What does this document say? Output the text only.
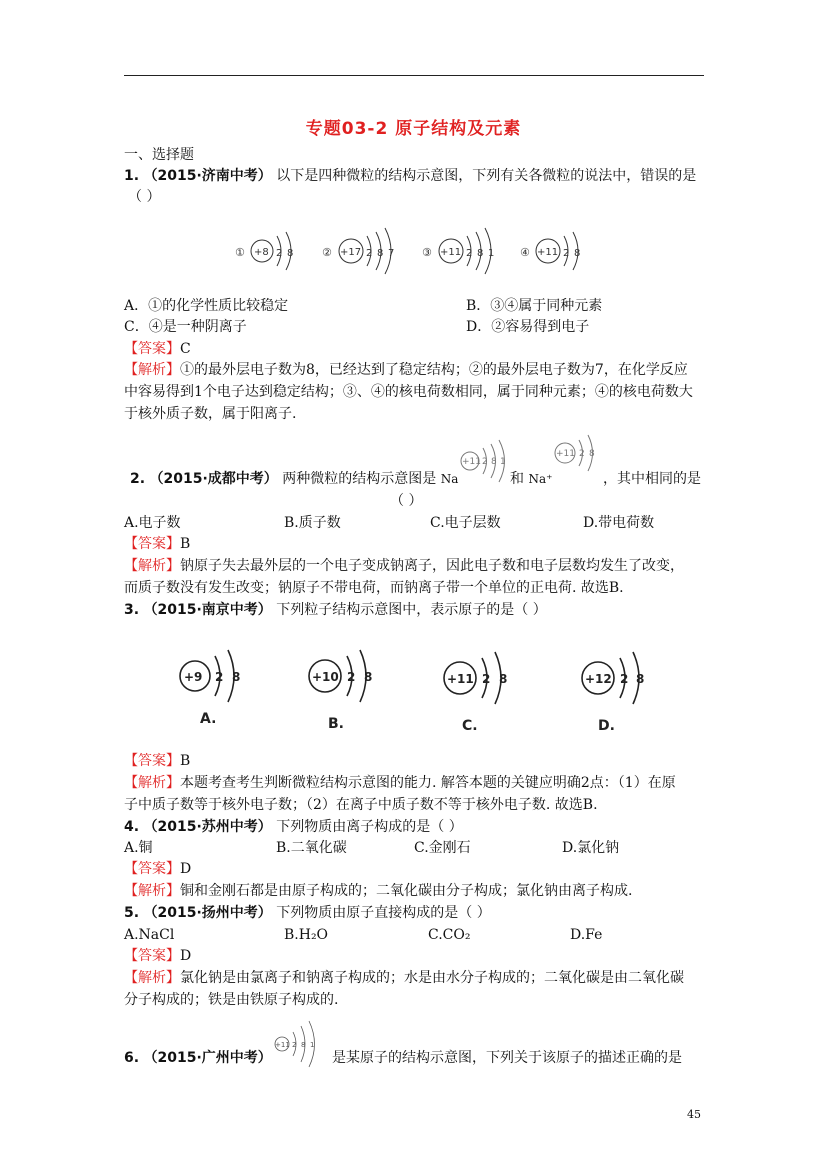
专题03-2 原子结构及元素
一、选择题
1. （2015·济南中考） 以下是四种微粒的结构示意图，下列有关各微粒的说法中，错误的是
（ ）
① +8 2 8	② +17 2 8 7	③ +11 2 8 1 ④ +11 2 8
A．①的化学性质比较稳定	B．③④属于同种元素
C．④是一种阴离子	D．②容易得到电子
【答案】C
【解析】①的最外层电子数为8，已经达到了稳定结构；②的最外层电子数为7，在化学反应
中容易得到1个电子达到稳定结构；③、④的核电荷数相同，属于同种元素；④的核电荷数大
于核外质子数，属于阳离子.
2. （2015·成都中考） 两种微粒的结构示意图是 Na
+11 2 8 1
和 Na⁺
+11 2 8
，其中相同的是
（ ）
A.电子数	B.质子数	C.电子层数	D.带电荷数
【答案】B
【解析】钠原子失去最外层的一个电子变成钠离子，因此电子数和电子层数均发生了改变，
而质子数没有发生改变；钠原子不带电荷，而钠离子带一个单位的正电荷. 故选B.
3. （2015·南京中考） 下列粒子结构示意图中，表示原子的是（ ）
+9 2 8
A.
+10 2 8
B.
+11 2 8
C.
+12 2 8
D.
【答案】B
【解析】本题考查考生判断微粒结构示意图的能力. 解答本题的关键应明确2点：（1）在原
子中质子数等于核外电子数；（2）在离子中质子数不等于核外电子数. 故选B.
4. （2015·苏州中考） 下列物质由离子构成的是（ ）
A.铜	B.二氧化碳	C.金刚石	D.氯化钠
【答案】D
【解析】铜和金刚石都是由原子构成的；二氧化碳由分子构成；氯化钠由离子构成.
5. （2015·扬州中考） 下列物质由原子直接构成的是（ ）
A.NaCl	B.H₂O	C.CO₂	D.Fe
【答案】D
【解析】氯化钠是由氯离子和钠离子构成的；水是由水分子构成的；二氧化碳是由二氧化碳
分子构成的；铁是由铁原子构成的.
6. （2015·广州中考）
+11 2 8 1
是某原子的结构示意图，下列关于该原子的描述正确的是
45
